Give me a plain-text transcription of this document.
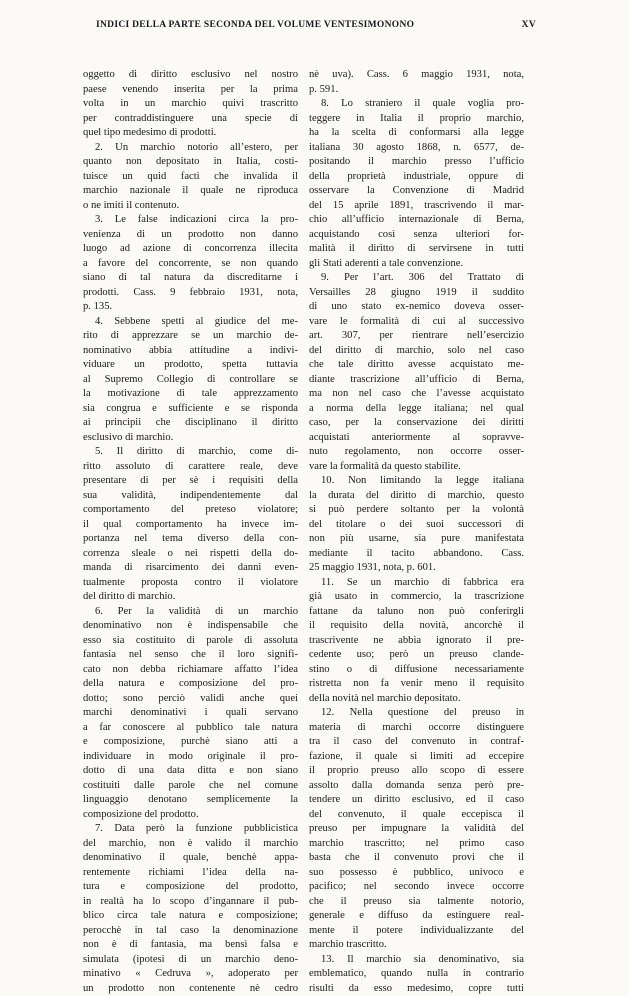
INDICI DELLA PARTE SECONDA DEL VOLUME VENTESIMONONO	XV
oggetto di diritto esclusivo nel nostro
paese venendo inserita per la prima
volta in un marchio quivi trascritto
per contraddistinguere una specie di
quel tipo medesimo di prodotti.
2. Un marchio notorio all’estero, per
quanto non depositato in Italia, costi-
tuisce un quid facti che invalida il
marchio nazionale il quale ne riproduca
o ne imiti il contenuto.
3. Le false indicazioni circa la pro-
venienza di un prodotto non danno
luogo ad azione di concorrenza illecita
a favore del concorrente, se non quando
siano di tal natura da discreditarne i
prodotti. Cass. 9 febbraio 1931, nota,
p. 135.
4. Sebbene spetti al giudice del me-
rito di apprezzare se un marchio de-
nominativo abbia attitudine a indivi-
viduare un prodotto, spetta tuttavia
al Supremo Collegio di controllare se
la motivazione di tale apprezzamento
sia congrua e sufficiente e se risponda
ai principii che disciplinano il diritto
esclusivo di marchio.
5. Il diritto di marchio, come di-
ritto assoluto di carattere reale, deve
presentare di per sè i requisiti della
sua validità, indipendentemente dal
comportamento del preteso violatore;
il qual comportamento ha invece im-
portanza nel tema diverso della con-
correnza sleale o nei rispetti della do-
manda di risarcimento dei danni even-
tualmente proposta contro il violatore
del diritto di marchio.
6. Per la validità di un marchio
denominativo non è indispensabile che
esso sia costituito di parole di assoluta
fantasia nel senso che il loro signifi-
cato non debba richiamare affatto l’idea
della natura e composizione del pro-
dotto; sono perciò validi anche quei
marchi denominativi i quali servano
a far conoscere al pubblico tale natura
e composizione, purchè siano atti a
individuare in modo originale il pro-
dotto di una data ditta e non siano
costituiti dalle parole che nel comune
linguaggio denotano semplicemente la
composizione del prodotto.
7. Data però la funzione pubblicistica
del marchio, non è valido il marchio
denominativo il quale, benchè appa-
rentemente richiami l’idea della na-
tura e composizione del prodotto,
in realtà ha lo scopo d’ingannare il pub-
blico circa tale natura e composizione;
perocchè in tal caso la denominazione
non è di fantasia, ma bensì falsa e
simulata (ipotesi di un marchio deno-
minativo « Cedruva », adoperato per
un prodotto non contenente nè cedro
nè uva). Cass. 6 maggio 1931, nota,
p. 591.
8. Lo straniero il quale voglia pro-
teggere in Italia il proprio marchio,
ha la scelta di conformarsi alla legge
italiana 30 agosto 1868, n. 6577, de-
positando il marchio presso l’ufficio
della proprietà industriale, oppure di
osservare la Convenzione di Madrid
del 15 aprile 1891, trascrivendo il mar-
chio all’ufficio internazionale di Berna,
acquistando così senza ulteriori for-
malità il diritto di servirsene in tutti
gli Stati aderenti a tale convenzione.
9. Per l’art. 306 del Trattato di
Versailles 28 giugno 1919 il suddito
di uno stato ex-nemico doveva osser-
vare le formalità di cui al successivo
art. 307, per rientrare nell’esercizio
del diritto di marchio, solo nel caso
che tale diritto avesse acquistato me-
diante trascrizione all’ufficio di Berna,
ma non nel caso che l’avesse acquistato
a norma della legge italiana; nel qual
caso, per la conservazione dei diritti
acquistati anteriormente al sopravve-
nuto regolamento, non occorre osser-
vare la formalità da questo stabilite.
10. Non limitando la legge italiana
la durata del diritto di marchio, questo
si può perdere soltanto per la volontà
del titolare o dei suoi successori di
non più usarne, sia pure manifestata
mediante il tacito abbandono. Cass.
25 maggio 1931, nota, p. 601.
11. Se un marchio di fabbrica era
già usato in commercio, la trascrizione
fattane da taluno non può conferirgli
il requisito della novità, ancorchè il
trascrivente ne abbia ignorato il pre-
cedente uso; però un preuso clande-
stino o di diffusione necessariamente
ristretta non fa venir meno il requisito
della novità nel marchio depositato.
12. Nella questione del preuso in
materia di marchi occorre distinguere
tra il caso del convenuto in contraf-
fazione, il quale si limiti ad eccepire
il proprio preuso allo scopo di essere
assolto dalla domanda senza però pre-
tendere un diritto esclusivo, ed il caso
del convenuto, il quale eccepisca il
preuso per impugnare la validità del
marchio trascritto; nel primo caso
basta che il convenuto provi che il
suo possesso è pubblico, univoco e
pacifico; nel secondo invece occorre
che il preuso sia talmente notorio,
generale e diffuso da estinguere real-
mente il potere individualizzante del
marchio trascritto.
13. Il marchio sia denominativo, sia
emblematico, quando nulla in contrario
risulti da esso medesimo, copre tutti
